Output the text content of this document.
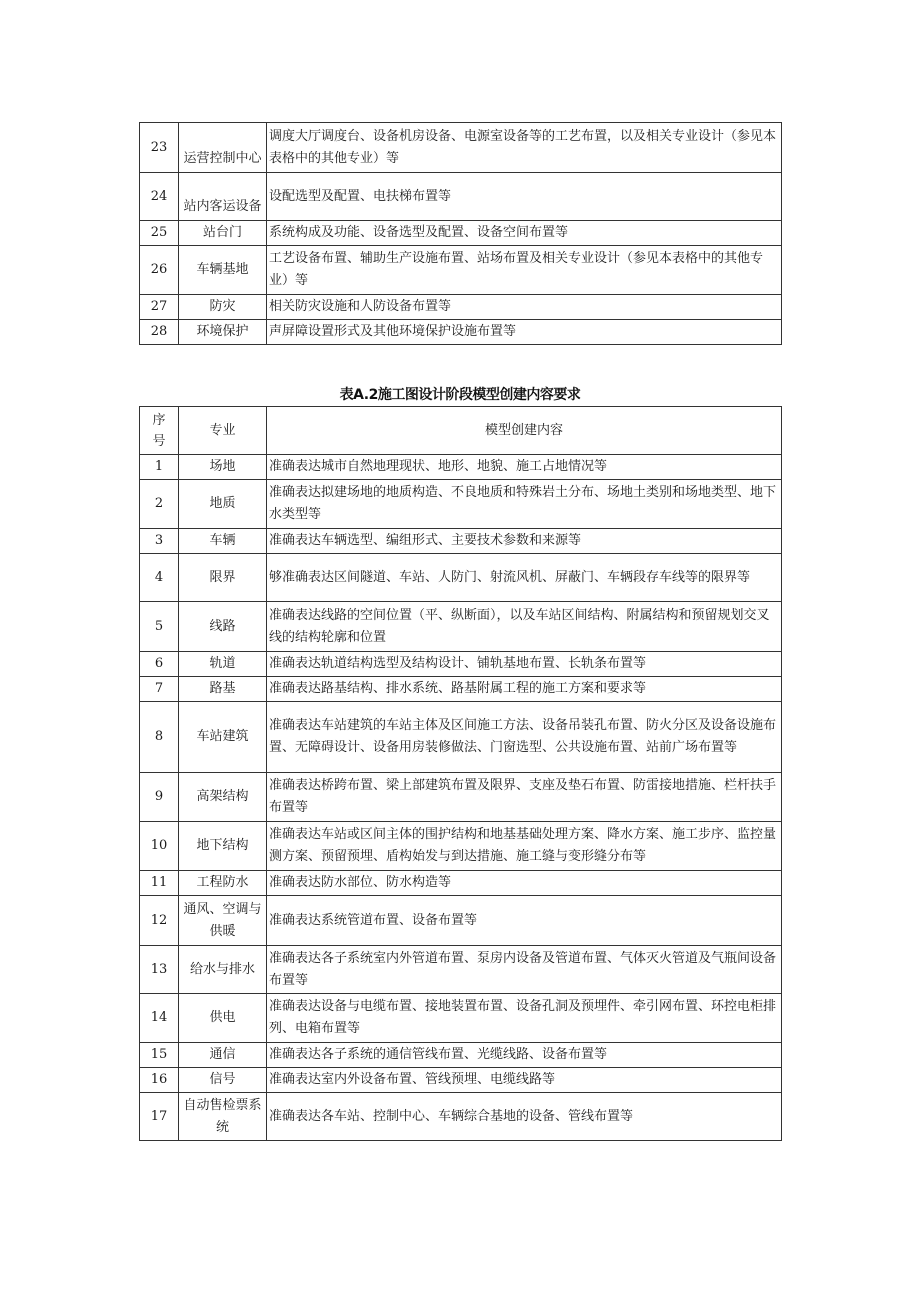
23	运营控制中心	调度大厅调度台、设备机房设备、电源室设备等的工艺布置，以及相关专业设计（参见本表格中的其他专业）等
24	站内客运设备	设配选型及配置、电扶梯布置等
25	站台门	系统构成及功能、设备选型及配置、设备空间布置等
26	车辆基地	工艺设备布置、辅助生产设施布置、站场布置及相关专业设计（参见本表格中的其他专业）等
27	防灾	相关防灾设施和人防设备布置等
28	环境保护	声屏障设置形式及其他环境保护设施布置等
表A.2施工图设计阶段模型创建内容要求
序号	专业	模型创建内容
1	场地	准确表达城市自然地理现状、地形、地貌、施工占地情况等
2	地质	准确表达拟建场地的地质构造、不良地质和特殊岩土分布、场地土类别和场地类型、地下水类型等
3	车辆	准确表达车辆选型、编组形式、主要技术参数和来源等
4	限界	够准确表达区间隧道、车站、人防门、射流风机、屏蔽门、车辆段存车线等的限界等
5	线路	准确表达线路的空间位置（平、纵断面），以及车站区间结构、附属结构和预留规划交叉线的结构轮廓和位置
6	轨道	准确表达轨道结构选型及结构设计、铺轨基地布置、长轨条布置等
7	路基	准确表达路基结构、排水系统、路基附属工程的施工方案和要求等
8	车站建筑	准确表达车站建筑的车站主体及区间施工方法、设备吊装孔布置、防火分区及设备设施布置、无障碍设计、设备用房装修做法、门窗选型、公共设施布置、站前广场布置等
9	高架结构	准确表达桥跨布置、梁上部建筑布置及限界、支座及垫石布置、防雷接地措施、栏杆扶手布置等
10	地下结构	准确表达车站或区间主体的围护结构和地基基础处理方案、降水方案、施工步序、监控量测方案、预留预埋、盾构始发与到达措施、施工缝与变形缝分布等
11	工程防水	准确表达防水部位、防水构造等
12	通风、空调与供暖	准确表达系统管道布置、设备布置等
13	给水与排水	准确表达各子系统室内外管道布置、泵房内设备及管道布置、气体灭火管道及气瓶间设备布置等
14	供电	准确表达设备与电缆布置、接地装置布置、设备孔洞及预埋件、牵引网布置、环控电柜排列、电箱布置等
15	通信	准确表达各子系统的通信管线布置、光缆线路、设备布置等
16	信号	准确表达室内外设备布置、管线预埋、电缆线路等
17	自动售检票系统	准确表达各车站、控制中心、车辆综合基地的设备、管线布置等
